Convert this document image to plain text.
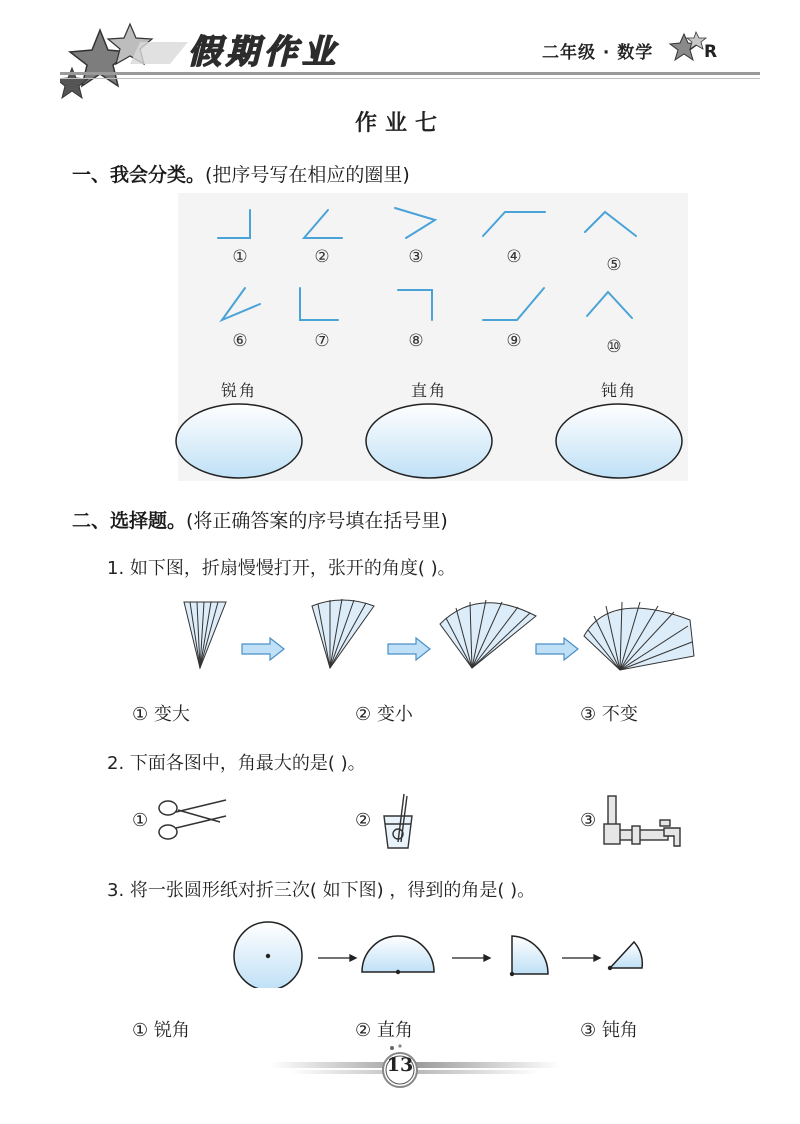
假期作业	二年级 · 数学	R
作业七
一、我会分类。(把序号写在相应的圈里)
①	②	③	④	⑤
⑥	⑦	⑧	⑨	⑩
锐角	直角	钝角
二、选择题。(将正确答案的序号填在括号里)
1. 如下图，折扇慢慢打开，张开的角度( )。
① 变大	② 变小	③ 不变
2. 下面各图中，角最大的是( )。
①	②	③
3. 将一张圆形纸对折三次( 如下图) ，得到的角是( )。
① 锐角	② 直角	③ 钝角
13
